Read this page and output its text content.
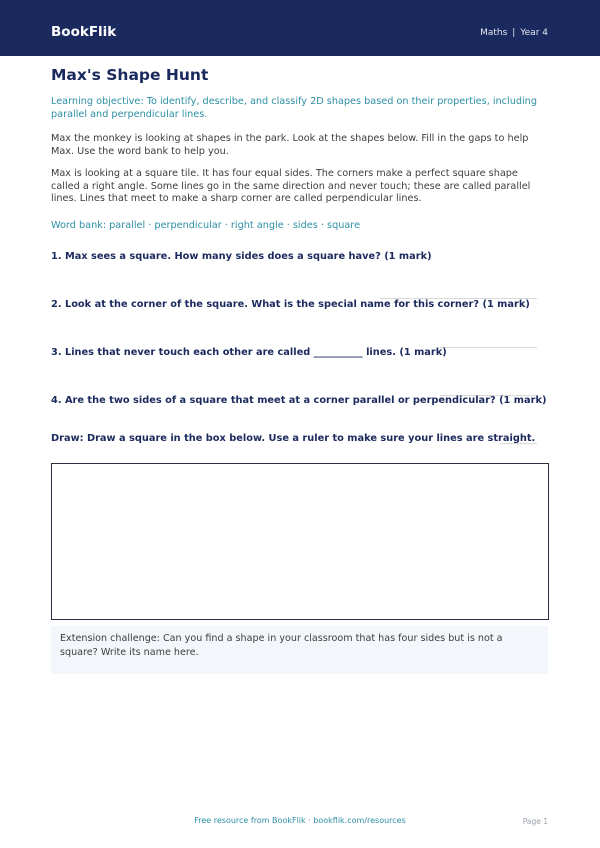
BookFlik	Maths | Year 4
Max's Shape Hunt
Learning objective: To identify, describe, and classify 2D shapes based on their properties, including parallel and perpendicular lines.
Max the monkey is looking at shapes in the park. Look at the shapes below. Fill in the gaps to help Max. Use the word bank to help you.
Max is looking at a square tile. It has four equal sides. The corners make a perfect square shape called a right angle. Some lines go in the same direction and never touch; these are called parallel lines. Lines that meet to make a sharp corner are called perpendicular lines.
Word bank: parallel · perpendicular · right angle · sides · square
1. Max sees a square. How many sides does a square have? (1 mark)
2. Look at the corner of the square. What is the special name for this corner? (1 mark)
3. Lines that never touch each other are called __________ lines. (1 mark)
4. Are the two sides of a square that meet at a corner parallel or perpendicular? (1 mark)
Draw: Draw a square in the box below. Use a ruler to make sure your lines are straight.
Extension challenge: Can you find a shape in your classroom that has four sides but is not a square? Write its name here.
Free resource from BookFlik · bookflik.com/resources	Page 1
